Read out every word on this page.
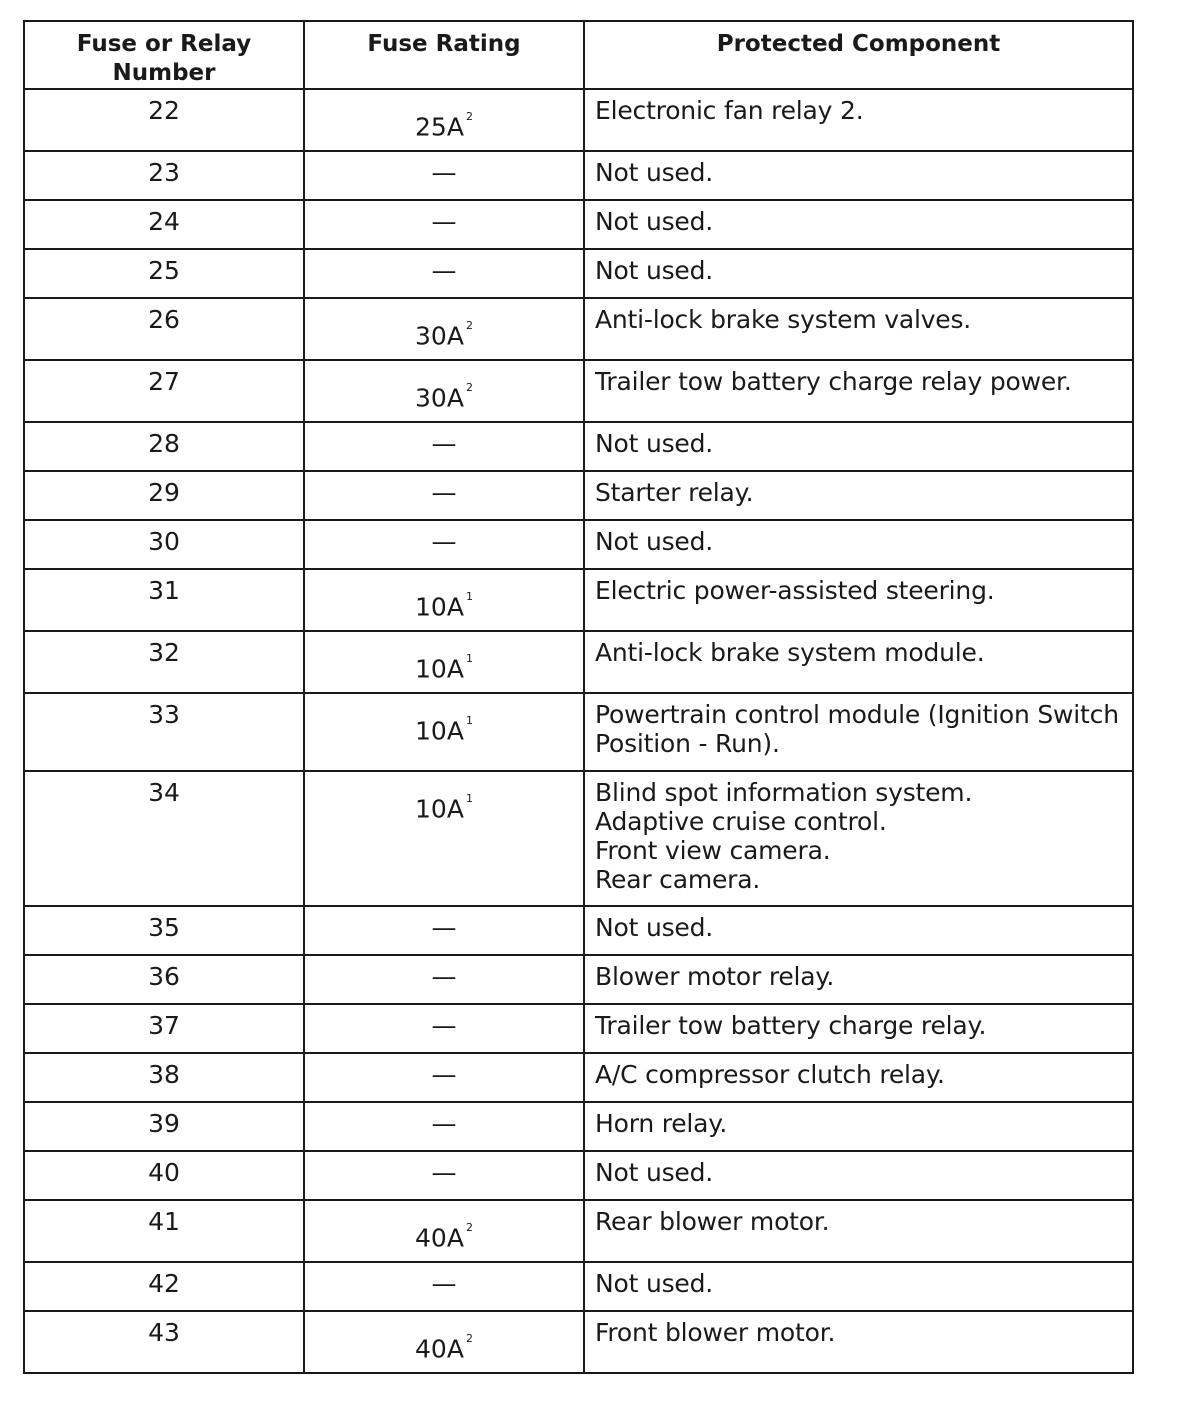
Fuse or Relay Number	Fuse Rating	Protected Component
22	25A $^2$	Electronic fan relay 2.

23	—	Not used.

24	—	Not used.

25	—	Not used.

26	30A $^2$	Anti-lock brake system valves.

27	30A $^2$	Trailer tow battery charge relay power.

28	—	Not used.

29	—	Starter relay.

30	—	Not used.

31	10A $^1$	Electric power-assisted steering.

32	10A $^1$	Anti-lock brake system module.

33	10A $^1$	Powertrain control module (Ignition Switch
Position - Run).

34	10A $^1$	Blind spot information system.
Adaptive cruise control.
Front view camera.
Rear camera.

35	—	Not used.

36	—	Blower motor relay.

37	—	Trailer tow battery charge relay.

38	—	A/C compressor clutch relay.

39	—	Horn relay.

40	—	Not used.

41	40A $^2$	Rear blower motor.

42	—	Not used.

43	40A $^2$	Front blower motor.
